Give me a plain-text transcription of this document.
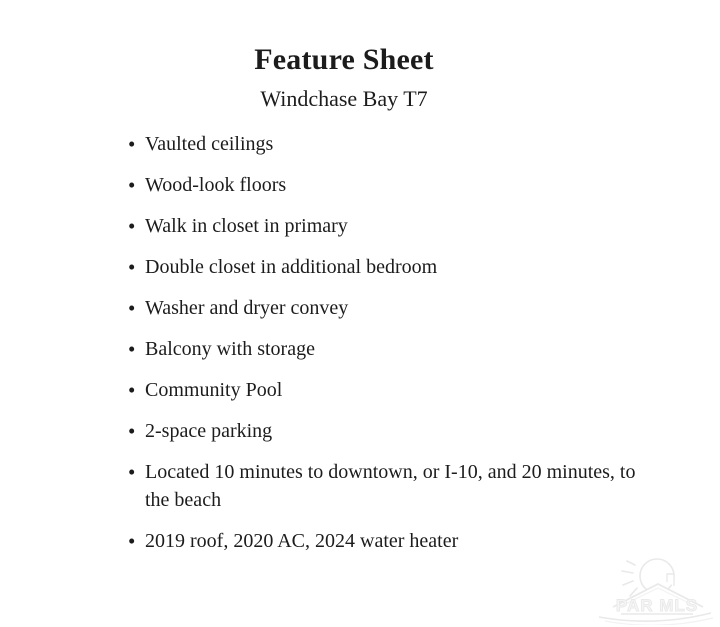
Feature Sheet
Windchase Bay T7
• Vaulted ceilings
• Wood-look floors
• Walk in closet in primary
• Double closet in additional bedroom
• Washer and dryer convey
• Balcony with storage
• Community Pool
• 2-space parking
• Located 10 minutes to downtown, or I-10, and 20 minutes, to the beach
• 2019 roof, 2020 AC, 2024 water heater
PAR MLS
